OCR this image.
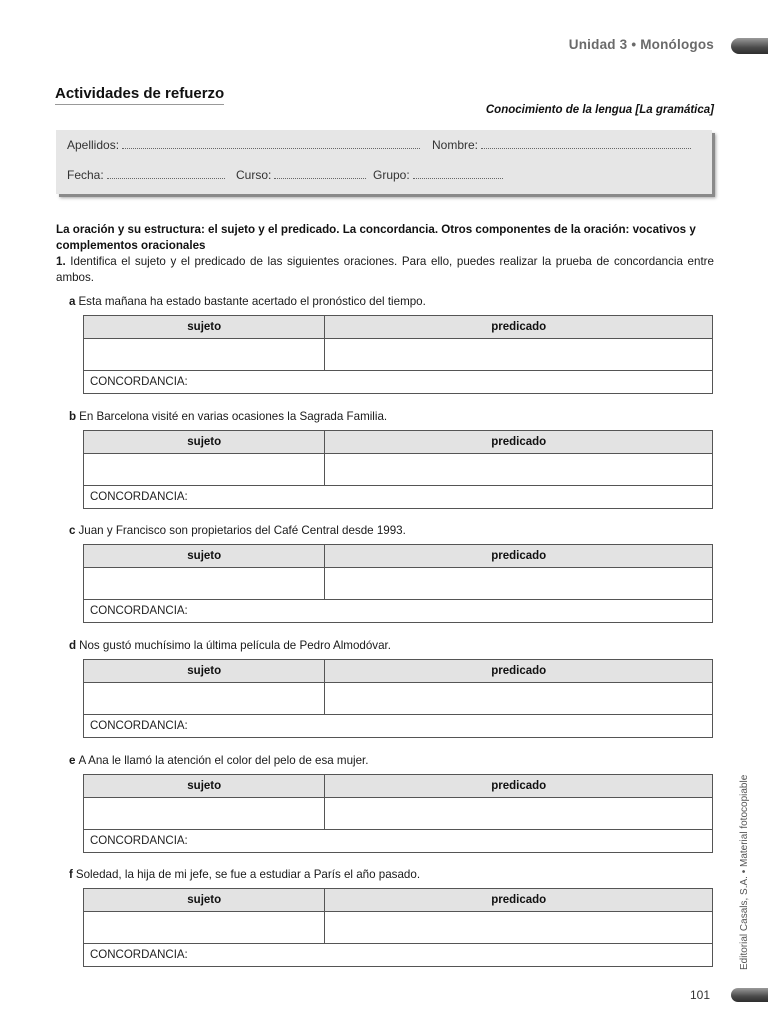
Unidad 3 • Monólogos
Actividades de refuerzo
Conocimiento de la lengua [La gramática]
Apellidos:	Nombre:
Fecha:	Curso:	Grupo:

La oración y su estructura: el sujeto y el predicado. La concordancia. Otros componentes de la oración: vocativos y complementos oracionales

1. Identifica el sujeto y el predicado de las siguientes oraciones. Para ello, puedes realizar la prueba de concordancia entre ambos.

a Esta mañana ha estado bastante acertado el pronóstico del tiempo.

sujeto	predicado

CONCORDANCIA:	

b En Barcelona visité en varias ocasiones la Sagrada Familia.

sujeto	predicado

CONCORDANCIA:	

c Juan y Francisco son propietarios del Café Central desde 1993.

sujeto	predicado

CONCORDANCIA:	

d Nos gustó muchísimo la última película de Pedro Almodóvar.

sujeto	predicado

CONCORDANCIA:	

e A Ana le llamó la atención el color del pelo de esa mujer.

sujeto	predicado

CONCORDANCIA:	

f Soledad, la hija de mi jefe, se fue a estudiar a París el año pasado.

sujeto	predicado

CONCORDANCIA:		Editorial Casals, S.A. • Material fotocopiable
101
